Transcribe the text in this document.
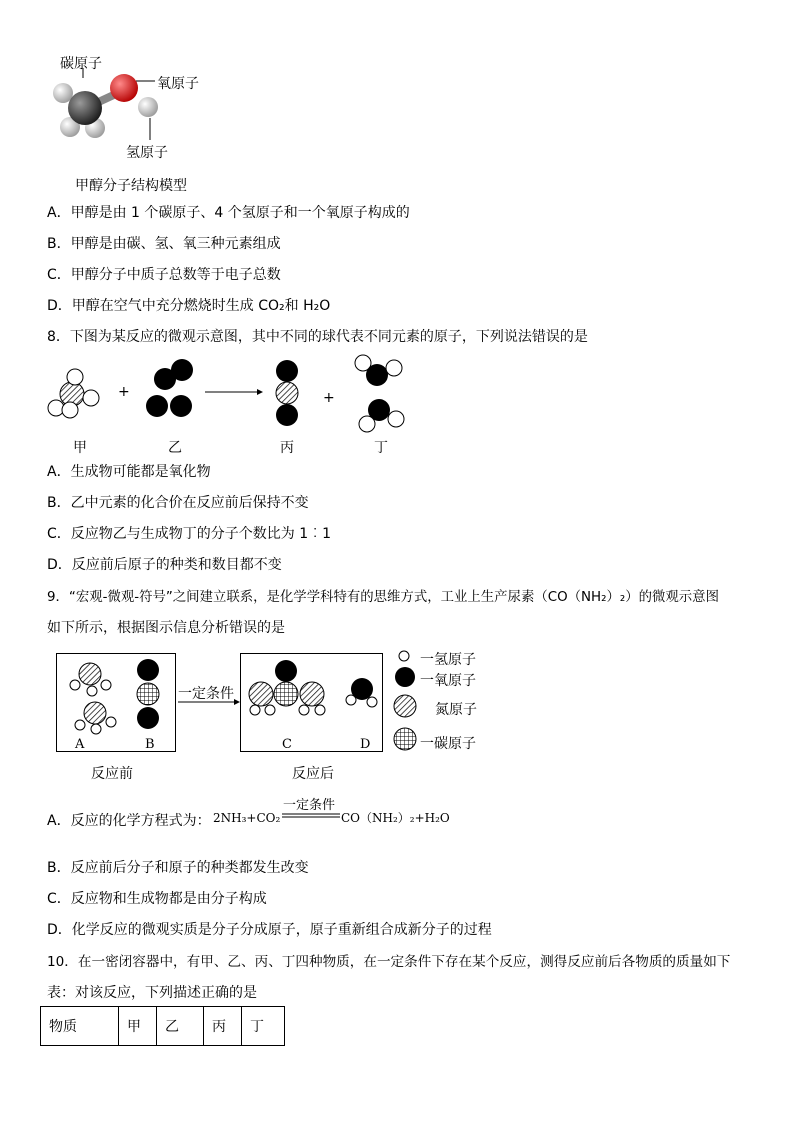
碳原子
氧原子
氢原子
甲醇分子结构模型
A．甲醇是由 1 个碳原子、4 个氢原子和一个氧原子构成的
B．甲醇是由碳、氢、氧三种元素组成
C．甲醇分子中质子总数等于电子总数
D．甲醇在空气中充分燃烧时生成 CO₂和 H₂O
8．下图为某反应的微观示意图，其中不同的球代表不同元素的原子，下列说法错误的是
+	+
甲	乙	丙	丁
A．生成物可能都是氧化物
B．乙中元素的化合价在反应前后保持不变
C．反应物乙与生成物丁的分子个数比为 1︰1
D．反应前后原子的种类和数目都不变
9．“宏观-微观-符号”之间建立联系，是化学学科特有的思维方式，工业上生产尿素（CO（NH₂）₂）的微观示意图
如下所示，根据图示信息分析错误的是
一定条件
A	B	C	D
反应前	反应后
一氢原子
一氧原子
氮原子
一碳原子
A．反应的化学方程式为： 2NH₃+CO₂
一定条件
CO（NH₂）₂+H₂O
B．反应前后分子和原子的种类都发生改变
C．反应物和生成物都是由分子构成
D．化学反应的微观实质是分子分成原子，原子重新组合成新分子的过程
10．在一密闭容器中，有甲、乙、丙、丁四种物质，在一定条件下存在某个反应，测得反应前后各物质的质量如下
表：对该反应，下列描述正确的是
物质	甲	乙	丙	丁
